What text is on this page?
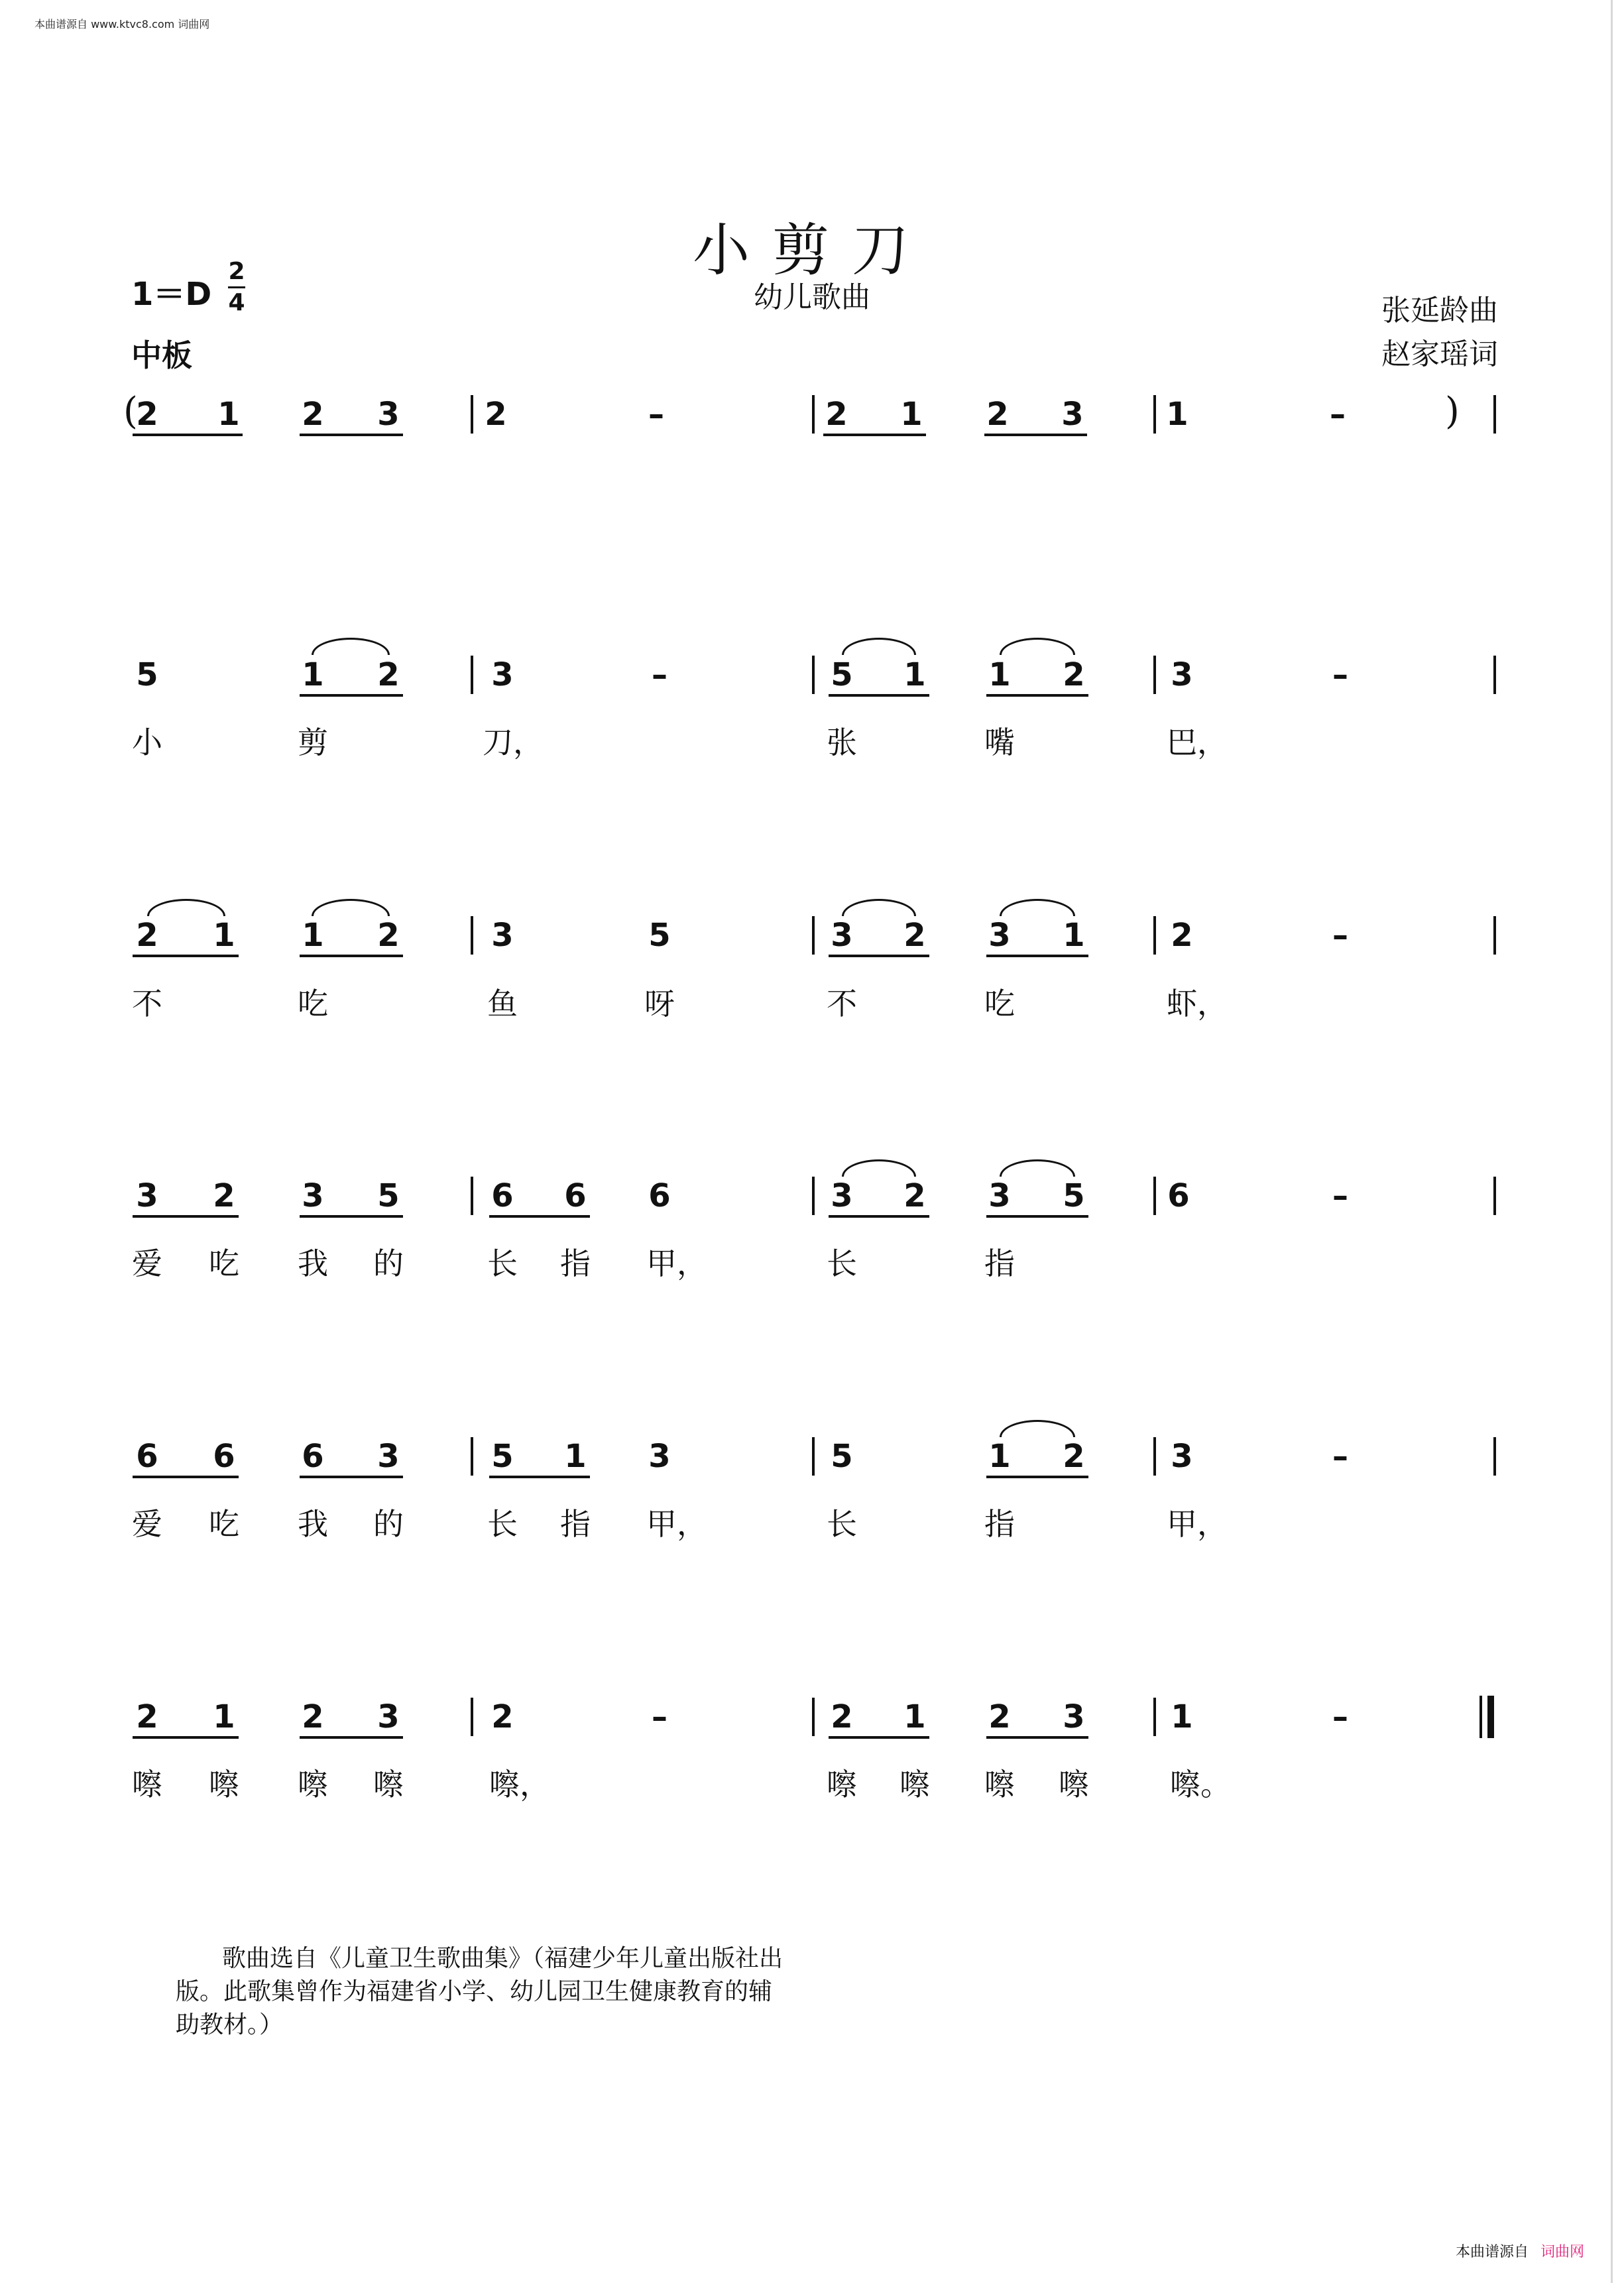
本曲谱源自 www.ktvc8.com 词曲网
小剪刀
幼儿歌曲
1＝D
2
4
中板
张延龄曲
赵家瑶词
(
2 1 2 3	2	–	2 1 2 3	1	–	)
5	1 2	3	–	5 1 1 2	3	–
小	剪	刀，	张	嘴	巴，
2 1 1 2	3	5	3 2 3 1	2	–
不	吃	鱼	呀	不	吃	虾，
3 2 3 5	6 6 6	3 2 3 5	6	–
爱 吃 我 的	长 指 甲，	长	指
6 6 6 3	5 1 3	5	1 2	3	–
爱 吃 我 的	长 指 甲，	长	指	甲，
2 1 2 3	2	–	2 1 2 3	1	–
嚓 嚓 嚓 嚓	嚓，	嚓 嚓 嚓 嚓	嚓。
歌曲选自《儿童卫生歌曲集》（福建少年儿童出版社出版。此歌集曾作为福建省小学、幼儿园卫生健康教育的辅助教材。）
本曲谱源自 词曲网
